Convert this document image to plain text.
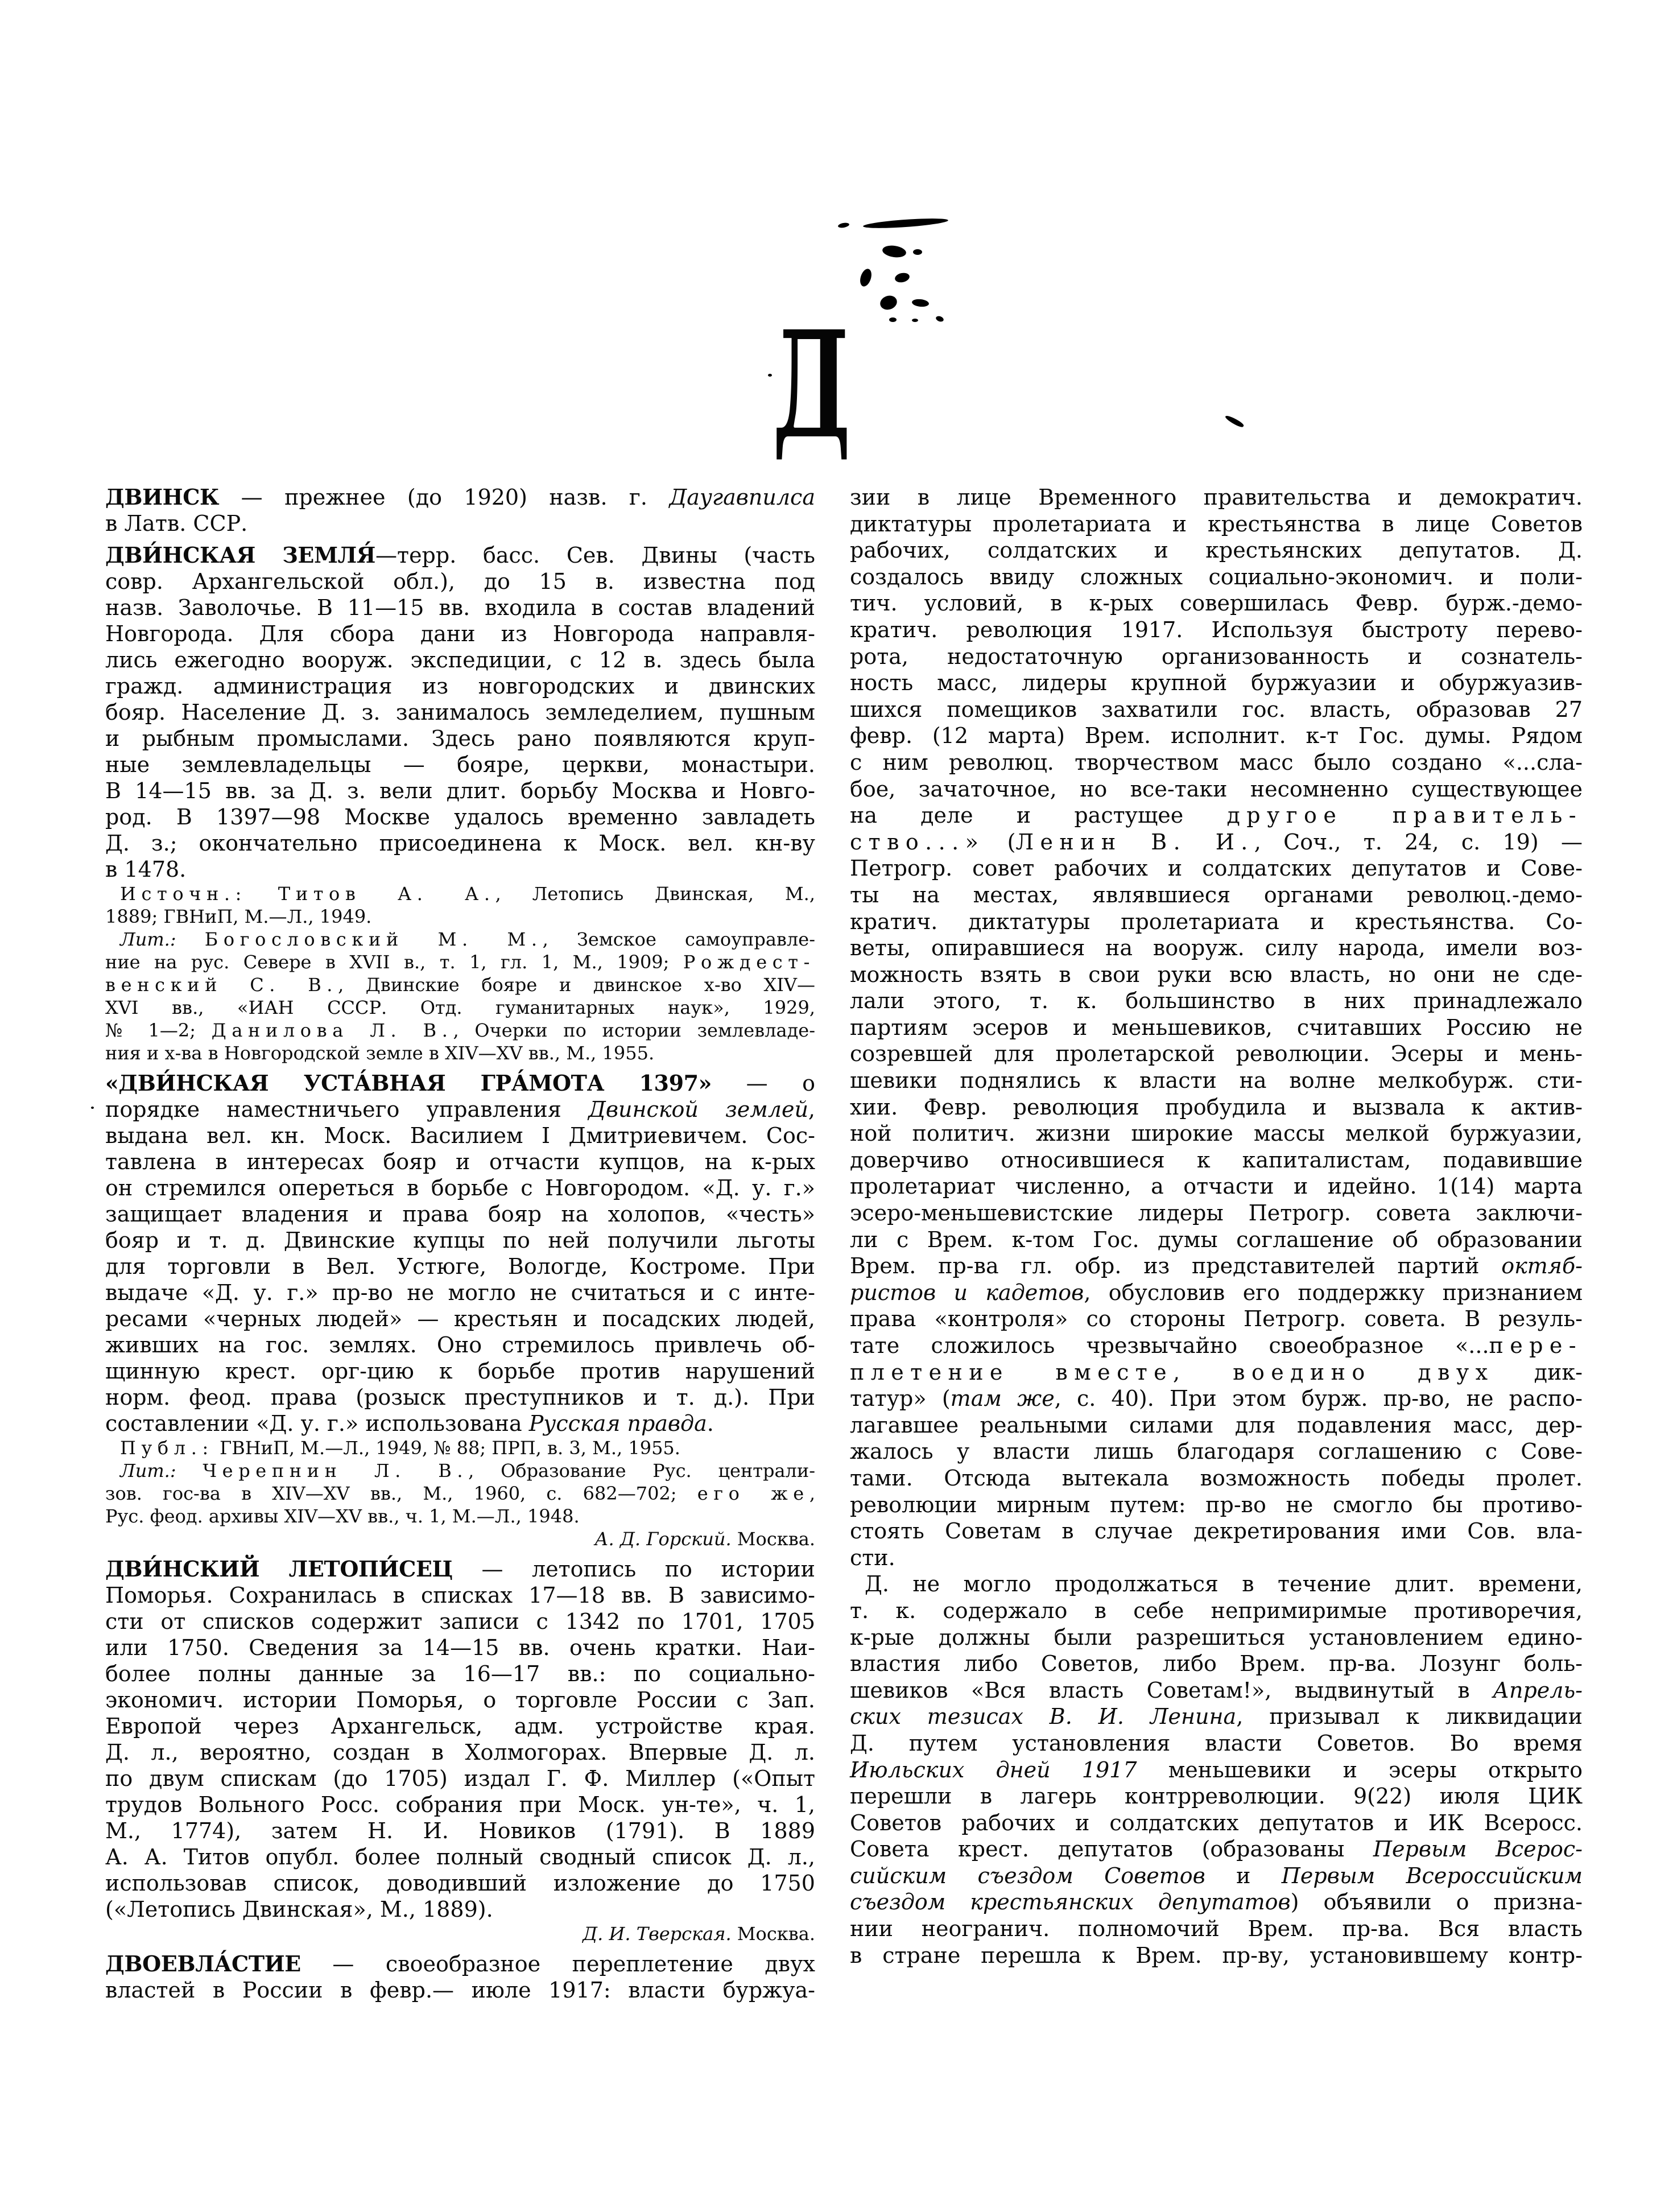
Д
ДВИНСК — прежнее (до 1920) назв. г. Даугавпилса
в Латв. ССР.
ДВИ́НСКАЯ ЗЕМЛЯ́—терр. басс. Сев. Двины (часть
совр. Архангельской обл.), до 15 в. известна под
назв. Заволочье. В 11—15 вв. входила в состав владений
Новгорода. Для сбора дани из Новгорода направля-
лись ежегодно вооруж. экспедиции, с 12 в. здесь была
гражд. администрация из новгородских и двинских
бояр. Население Д. з. занималось земледелием, пушным
и рыбным промыслами. Здесь рано появляются круп-
ные землевладельцы — бояре, церкви, монастыри.
В 14—15 вв. за Д. з. вели длит. борьбу Москва и Новго-
род. В 1397—98 Москве удалось временно завладеть
Д. з.; окончательно присоединена к Моск. вел. кн-ву
в 1478.
Источн.: Титов А. А., Летопись Двинская, М.,
1889; ГВНиП, М.—Л., 1949.
Лит.: Богословский М. М., Земское самоуправле-
ние на рус. Севере в XVII в., т. 1, гл. 1, М., 1909; Рождест-
венский С. В., Двинские бояре и двинское х-во XIV—
XVI вв., «ИАН СССР. Отд. гуманитарных наук», 1929,
№ 1—2; Данилова Л. В., Очерки по истории землевладе-
ния и х-ва в Новгородской земле в XIV—XV вв., М., 1955.
«ДВИ́НСКАЯ УСТА́ВНАЯ ГРА́МОТА 1397» — о
порядке наместничьего управления Двинской землей,
выдана вел. кн. Моск. Василием I Дмитриевичем. Сос-
тавлена в интересах бояр и отчасти купцов, на к-рых
он стремился опереться в борьбе с Новгородом. «Д. у. г.»
защищает владения и права бояр на холопов, «честь»
бояр и т. д. Двинские купцы по ней получили льготы
для торговли в Вел. Устюге, Вологде, Костроме. При
выдаче «Д. у. г.» пр-во не могло не считаться и с инте-
ресами «черных людей» — крестьян и посадских людей,
живших на гос. землях. Оно стремилось привлечь об-
щинную крест. орг-цию к борьбе против нарушений
норм. феод. права (розыск преступников и т. д.). При
составлении «Д. у. г.» использована Русская правда.
Публ.: ГВНиП, М.—Л., 1949, № 88; ПРП, в. 3, М., 1955.
Лит.: Черепнин Л. В., Образование Рус. централи-
зов. гос-ва в XIV—XV вв., М., 1960, с. 682—702; его же,
Рус. феод. архивы XIV—XV вв., ч. 1, М.—Л., 1948.
А. Д. Горский. Москва.
ДВИ́НСКИЙ ЛЕТОПИ́СЕЦ — летопись по истории
Поморья. Сохранилась в списках 17—18 вв. В зависимо-
сти от списков содержит записи с 1342 по 1701, 1705
или 1750. Сведения за 14—15 вв. очень кратки. Наи-
более полны данные за 16—17 вв.: по социально-
экономич. истории Поморья, о торговле России с Зап.
Европой через Архангельск, адм. устройстве края.
Д. л., вероятно, создан в Холмогорах. Впервые Д. л.
по двум спискам (до 1705) издал Г. Ф. Миллер («Опыт
трудов Вольного Росс. собрания при Моск. ун-те», ч. 1,
М., 1774), затем Н. И. Новиков (1791). В 1889
А. А. Титов опубл. более полный сводный список Д. л.,
использовав список, доводивший изложение до 1750
(«Летопись Двинская», М., 1889).
Д. И. Тверская. Москва.
ДВОЕВЛА́СТИЕ — своеобразное переплетение двух
властей в России в февр.— июле 1917: власти буржуа-
зии в лице Временного правительства и демократич.
диктатуры пролетариата и крестьянства в лице Советов
рабочих, солдатских и крестьянских депутатов. Д.
создалось ввиду сложных социально-экономич. и поли-
тич. условий, в к-рых совершилась Февр. бурж.-демо-
кратич. революция 1917. Используя быстроту перево-
рота, недостаточную организованность и сознатель-
ность масс, лидеры крупной буржуазии и обуржуазив-
шихся помещиков захватили гос. власть, образовав 27
февр. (12 марта) Врем. исполнит. к-т Гос. думы. Рядом
с ним революц. творчеством масс было создано «...сла-
бое, зачаточное, но все-таки несомненно существующее
на деле и растущее другое правитель-
ство...» (Ленин В. И., Соч., т. 24, с. 19) —
Петрогр. совет рабочих и солдатских депутатов и Сове-
ты на местах, являвшиеся органами революц.-демо-
кратич. диктатуры пролетариата и крестьянства. Со-
веты, опиравшиеся на вооруж. силу народа, имели воз-
можность взять в свои руки всю власть, но они не сде-
лали этого, т. к. большинство в них принадлежало
партиям эсеров и меньшевиков, считавших Россию не
созревшей для пролетарской революции. Эсеры и мень-
шевики поднялись к власти на волне мелкобурж. сти-
хии. Февр. революция пробудила и вызвала к актив-
ной политич. жизни широкие массы мелкой буржуазии,
доверчиво относившиеся к капиталистам, подавившие
пролетариат численно, а отчасти и идейно. 1(14) марта
эсеро-меньшевистские лидеры Петрогр. совета заключи-
ли с Врем. к-том Гос. думы соглашение об образовании
Врем. пр-ва гл. обр. из представителей партий октяб-
ристов и кадетов, обусловив его поддержку признанием
права «контроля» со стороны Петрогр. совета. В резуль-
тате сложилось чрезвычайно своеобразное «...пере-
плетение вместе, воедино двух дик-
татур» (там же, с. 40). При этом бурж. пр-во, не распо-
лагавшее реальными силами для подавления масс, дер-
жалось у власти лишь благодаря соглашению с Сове-
тами. Отсюда вытекала возможность победы пролет.
революции мирным путем: пр-во не смогло бы противо-
стоять Советам в случае декретирования ими Сов. вла-
сти.
Д. не могло продолжаться в течение длит. времени,
т. к. содержало в себе непримиримые противоречия,
к-рые должны были разрешиться установлением едино-
властия либо Советов, либо Врем. пр-ва. Лозунг боль-
шевиков «Вся власть Советам!», выдвинутый в Апрель-
ских тезисах В. И. Ленина, призывал к ликвидации
Д. путем установления власти Советов. Во время
Июльских дней 1917 меньшевики и эсеры открыто
перешли в лагерь контрреволюции. 9(22) июля ЦИК
Советов рабочих и солдатских депутатов и ИК Всеросс.
Совета крест. депутатов (образованы Первым Всерос-
сийским съездом Советов и Первым Всероссийским
съездом крестьянских депутатов) объявили о призна-
нии неогранич. полномочий Врем. пр-ва. Вся власть
в стране перешла к Врем. пр-ву, установившему контр-
